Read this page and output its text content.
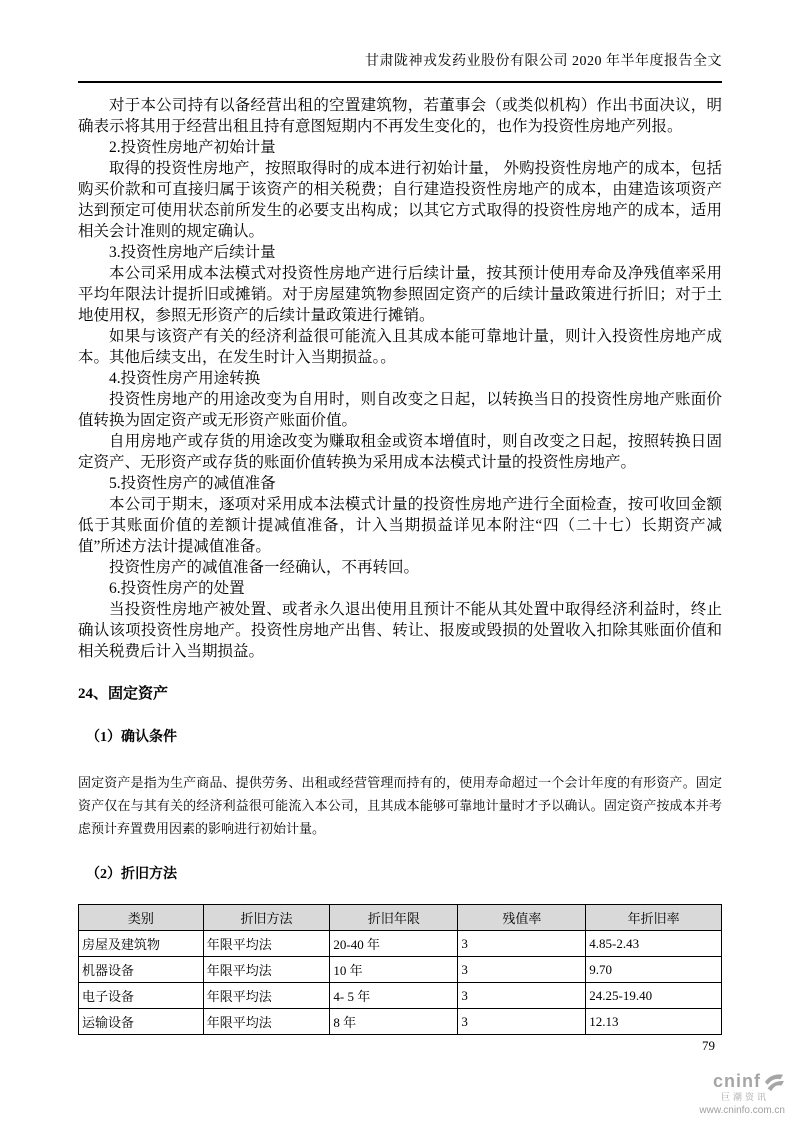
甘肃陇神戎发药业股份有限公司 2020 年半年度报告全文

对于本公司持有以备经营出租的空置建筑物，若董事会（或类似机构）作出书面决议，明确表示将其用于经营出租且持有意图短期内不再发生变化的，也作为投资性房地产列报。

2.投资性房地产初始计量

取得的投资性房地产，按照取得时的成本进行初始计量， 外购投资性房地产的成本，包括购买价款和可直接归属于该资产的相关税费；自行建造投资性房地产的成本，由建造该项资产达到预定可使用状态前所发生的必要支出构成；以其它方式取得的投资性房地产的成本，适用相关会计准则的规定确认。

3.投资性房地产后续计量

本公司采用成本法模式对投资性房地产进行后续计量，按其预计使用寿命及净残值率采用平均年限法计提折旧或摊销。对于房屋建筑物参照固定资产的后续计量政策进行折旧；对于土地使用权，参照无形资产的后续计量政策进行摊销。

如果与该资产有关的经济利益很可能流入且其成本能可靠地计量，则计入投资性房地产成本。其他后续支出，在发生时计入当期损益。。

4.投资性房产用途转换

投资性房地产的用途改变为自用时，则自改变之日起，以转换当日的投资性房地产账面价值转换为固定资产或无形资产账面价值。

自用房地产或存货的用途改变为赚取租金或资本增值时，则自改变之日起，按照转换日固定资产、无形资产或存货的账面价值转换为采用成本法模式计量的投资性房地产。

5.投资性房产的减值准备

本公司于期末，逐项对采用成本法模式计量的投资性房地产进行全面检查，按可收回金额低于其账面价值的差额计提减值准备，计入当期损益详见本附注“四（二十七）长期资产减值”所述方法计提减值准备。

投资性房产的减值准备一经确认，不再转回。

6.投资性房产的处置

当投资性房地产被处置、或者永久退出使用且预计不能从其处置中取得经济利益时，终止确认该项投资性房地产。投资性房地产出售、转让、报废或毁损的处置收入扣除其账面价值和相关税费后计入当期损益。

24、固定资产
（1）确认条件

固定资产是指为生产商品、提供劳务、出租或经营管理而持有的，使用寿命超过一个会计年度的有形资产。固定资产仅在与其有关的经济利益很可能流入本公司，且其成本能够可靠地计量时才予以确认。固定资产按成本并考虑预计弃置费用因素的影响进行初始计量。

（2）折旧方法
类别	折旧方法	折旧年限	残值率	年折旧率
房屋及建筑物	年限平均法	20-40 年	3	4.85-2.43
机器设备	年限平均法	10 年	3	9.70
电子设备	年限平均法	4- 5 年	3	24.25-19.40
运输设备	年限平均法	8 年	3	12.13
79
cninf
巨潮资讯
www.cninfo.com.cn
